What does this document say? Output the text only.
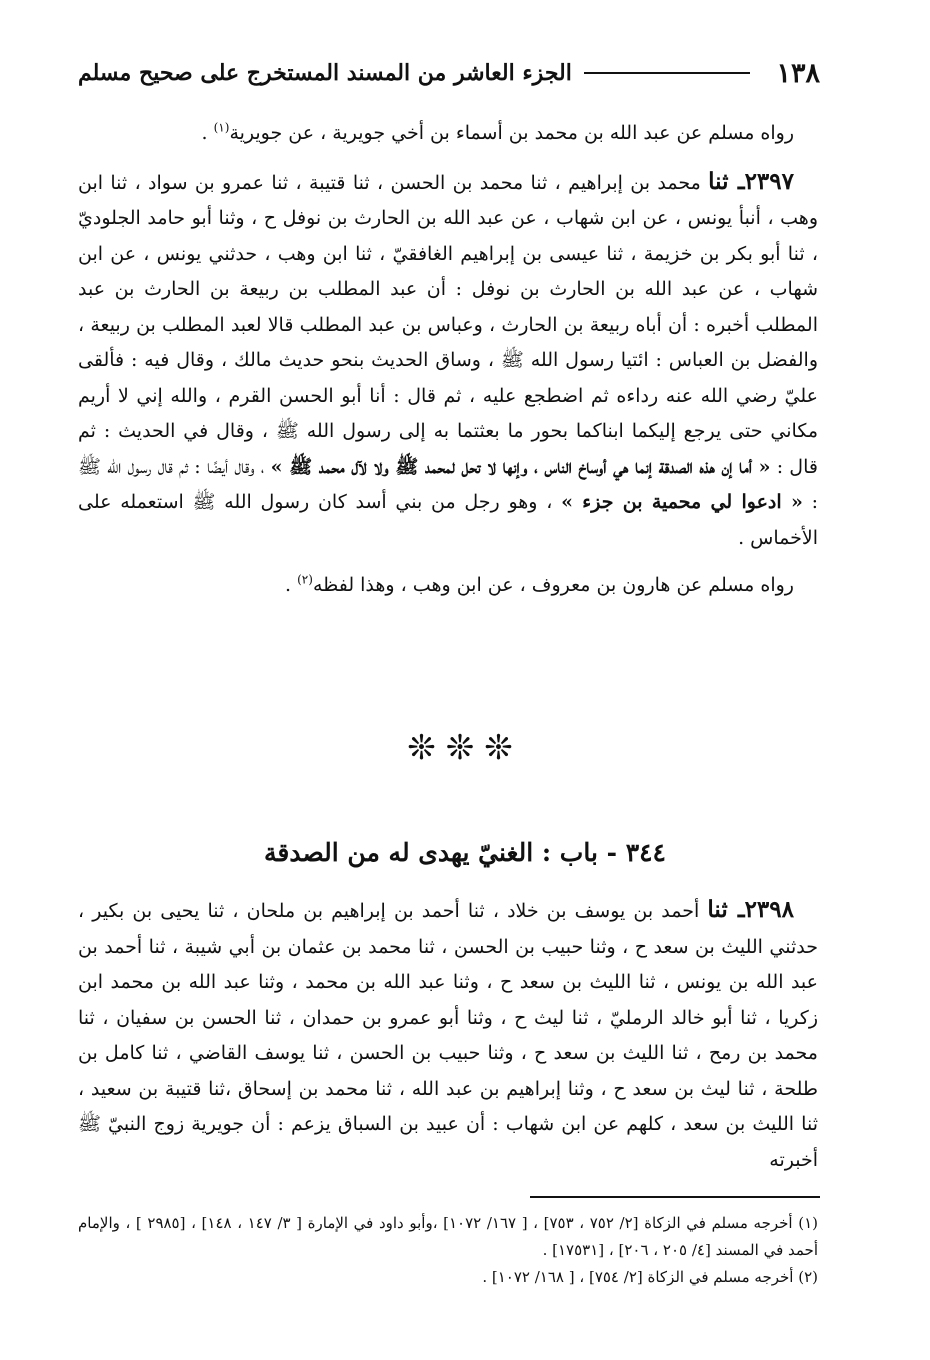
١٣٨
الجزء العاشر من المسند المستخرج على صحيح مسلم

رواه مسلم عن عبد الله بن محمد بن أسماء بن أخي جويرية ، عن جويرية$^{(١)}$ .

٢٣٩٧ـ ثنا محمد بن إبراهيم ، ثنا محمد بن الحسن ، ثنا قتيبة ، ثنا عمرو بن سواد ، ثنا ابن وهب ، أنبأ يونس ، عن ابن شهاب ، عن عبد الله بن الحارث بن نوفل ح ، وثنا أبو حامد الجلوديّ ، ثنا أبو بكر بن خزيمة ، ثنا عيسى بن إبراهيم الغافقيّ ، ثنا ابن وهب ، حدثني يونس ، عن ابن شهاب ، عن عبد الله بن الحارث بن نوفل : أن عبد المطلب بن ربيعة بن الحارث بن عبد المطلب أخبره : أن أباه ربيعة بن الحارث ، وعباس بن عبد المطلب قالا لعبد المطلب بن ربيعة ، والفضل بن العباس : ائتيا رسول الله ﷺ ، وساق الحديث بنحو حديث مالك ، وقال فيه : فألقى عليّ رضي الله عنه رداءه ثم اضطجع عليه ، ثم قال : أنا أبو الحسن القرم ، والله إني لا أريم مكاني حتى يرجع إليكما ابناكما بحور ما بعثتما به إلى رسول الله ﷺ ، وقال في الحديث : ثم قال : « أما إن هذه الصدقة إنما هي أوساخ الناس ، وإنها لا تحل لمحمد ﷺ ولا لآل محمد ﷺ » ، وقال أيضًا : ثم قال رسول الله ﷺ : « ادعوا لي محمية بن جزء » ، وهو رجل من بني أسد كان رسول الله ﷺ استعمله على الأخماس .

رواه مسلم عن هارون بن معروف ، عن ابن وهب ، وهذا لفظه$^{(٢)}$ .

❊❊❊
٣٤٤ - باب : الغنيّ يهدى له من الصدقة

٢٣٩٨ـ ثنا أحمد بن يوسف بن خلاد ، ثنا أحمد بن إبراهيم بن ملحان ، ثنا يحيى بن بكير ، حدثني الليث بن سعد ح ، وثنا حبيب بن الحسن ، ثنا محمد بن عثمان بن أبي شيبة ، ثنا أحمد بن عبد الله بن يونس ، ثنا الليث بن سعد ح ، وثنا عبد الله بن محمد ، وثنا عبد الله بن محمد ابن زكريا ، ثنا أبو خالد الرمليّ ، ثنا ليث ح ، وثنا أبو عمرو بن حمدان ، ثنا الحسن بن سفيان ، ثنا محمد بن رمح ، ثنا الليث بن سعد ح ، وثنا حبيب بن الحسن ، ثنا يوسف القاضي ، ثنا كامل بن طلحة ، ثنا ليث بن سعد ح ، وثنا إبراهيم بن عبد الله ، ثنا محمد بن إسحاق ،ثنا قتيبة بن سعيد ، ثنا الليث بن سعد ، كلهم عن ابن شهاب : أن عبيد بن السباق يزعم : أن جويرية زوج النبيّ ﷺ أخبرته

(١) أخرجه مسلم في الزكاة [٢/ ٧٥٢ ، ٧٥٣] ، [ ١٦٧/ ١٠٧٢] ،وأبو داود في الإمارة [ ٣/ ١٤٧ ، ١٤٨] ، [٢٩٨٥ ] ، والإمام أحمد في المسند [٤/ ٢٠٥ ، ٢٠٦] ، [١٧٥٣١] .

(٢) أخرجه مسلم في الزكاة [٢/ ٧٥٤] ، [ ١٦٨/ ١٠٧٢] .
